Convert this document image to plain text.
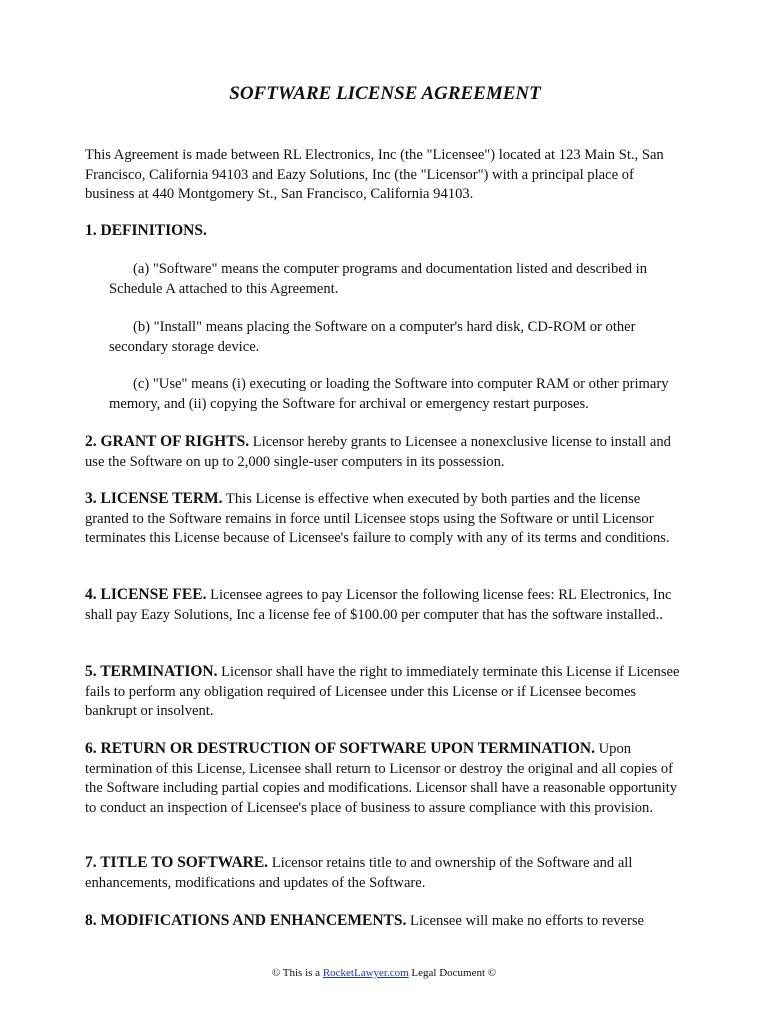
SOFTWARE LICENSE AGREEMENT

This Agreement is made between RL Electronics, Inc (the "Licensee") located at 123 Main St., San Francisco, California 94103 and Eazy Solutions, Inc (the "Licensor") with a principal place of business at 440 Montgomery St., San Francisco, California 94103.

1. DEFINITIONS.

(a) "Software" means the computer programs and documentation listed and described in Schedule A attached to this Agreement.

(b) "Install" means placing the Software on a computer's hard disk, CD-ROM or other secondary storage device.

(c) "Use" means (i) executing or loading the Software into computer RAM or other primary memory, and (ii) copying the Software for archival or emergency restart purposes.

2. GRANT OF RIGHTS. Licensor hereby grants to Licensee a nonexclusive license to install and use the Software on up to 2,000 single-user computers in its possession.

3. LICENSE TERM. This License is effective when executed by both parties and the license granted to the Software remains in force until Licensee stops using the Software or until Licensor terminates this License because of Licensee's failure to comply with any of its terms and conditions.

4. LICENSE FEE. Licensee agrees to pay Licensor the following license fees: RL Electronics, Inc shall pay Eazy Solutions, Inc a license fee of $100.00 per computer that has the software installed..

5. TERMINATION. Licensor shall have the right to immediately terminate this License if Licensee fails to perform any obligation required of Licensee under this License or if Licensee becomes bankrupt or insolvent.

6. RETURN OR DESTRUCTION OF SOFTWARE UPON TERMINATION. Upon termination of this License, Licensee shall return to Licensor or destroy the original and all copies of the Software including partial copies and modifications. Licensor shall have a reasonable opportunity to conduct an inspection of Licensee's place of business to assure compliance with this provision.

7. TITLE TO SOFTWARE. Licensor retains title to and ownership of the Software and all enhancements, modifications and updates of the Software.

8. MODIFICATIONS AND ENHANCEMENTS. Licensee will make no efforts to reverse

© This is a RocketLawyer.com Legal Document ©
